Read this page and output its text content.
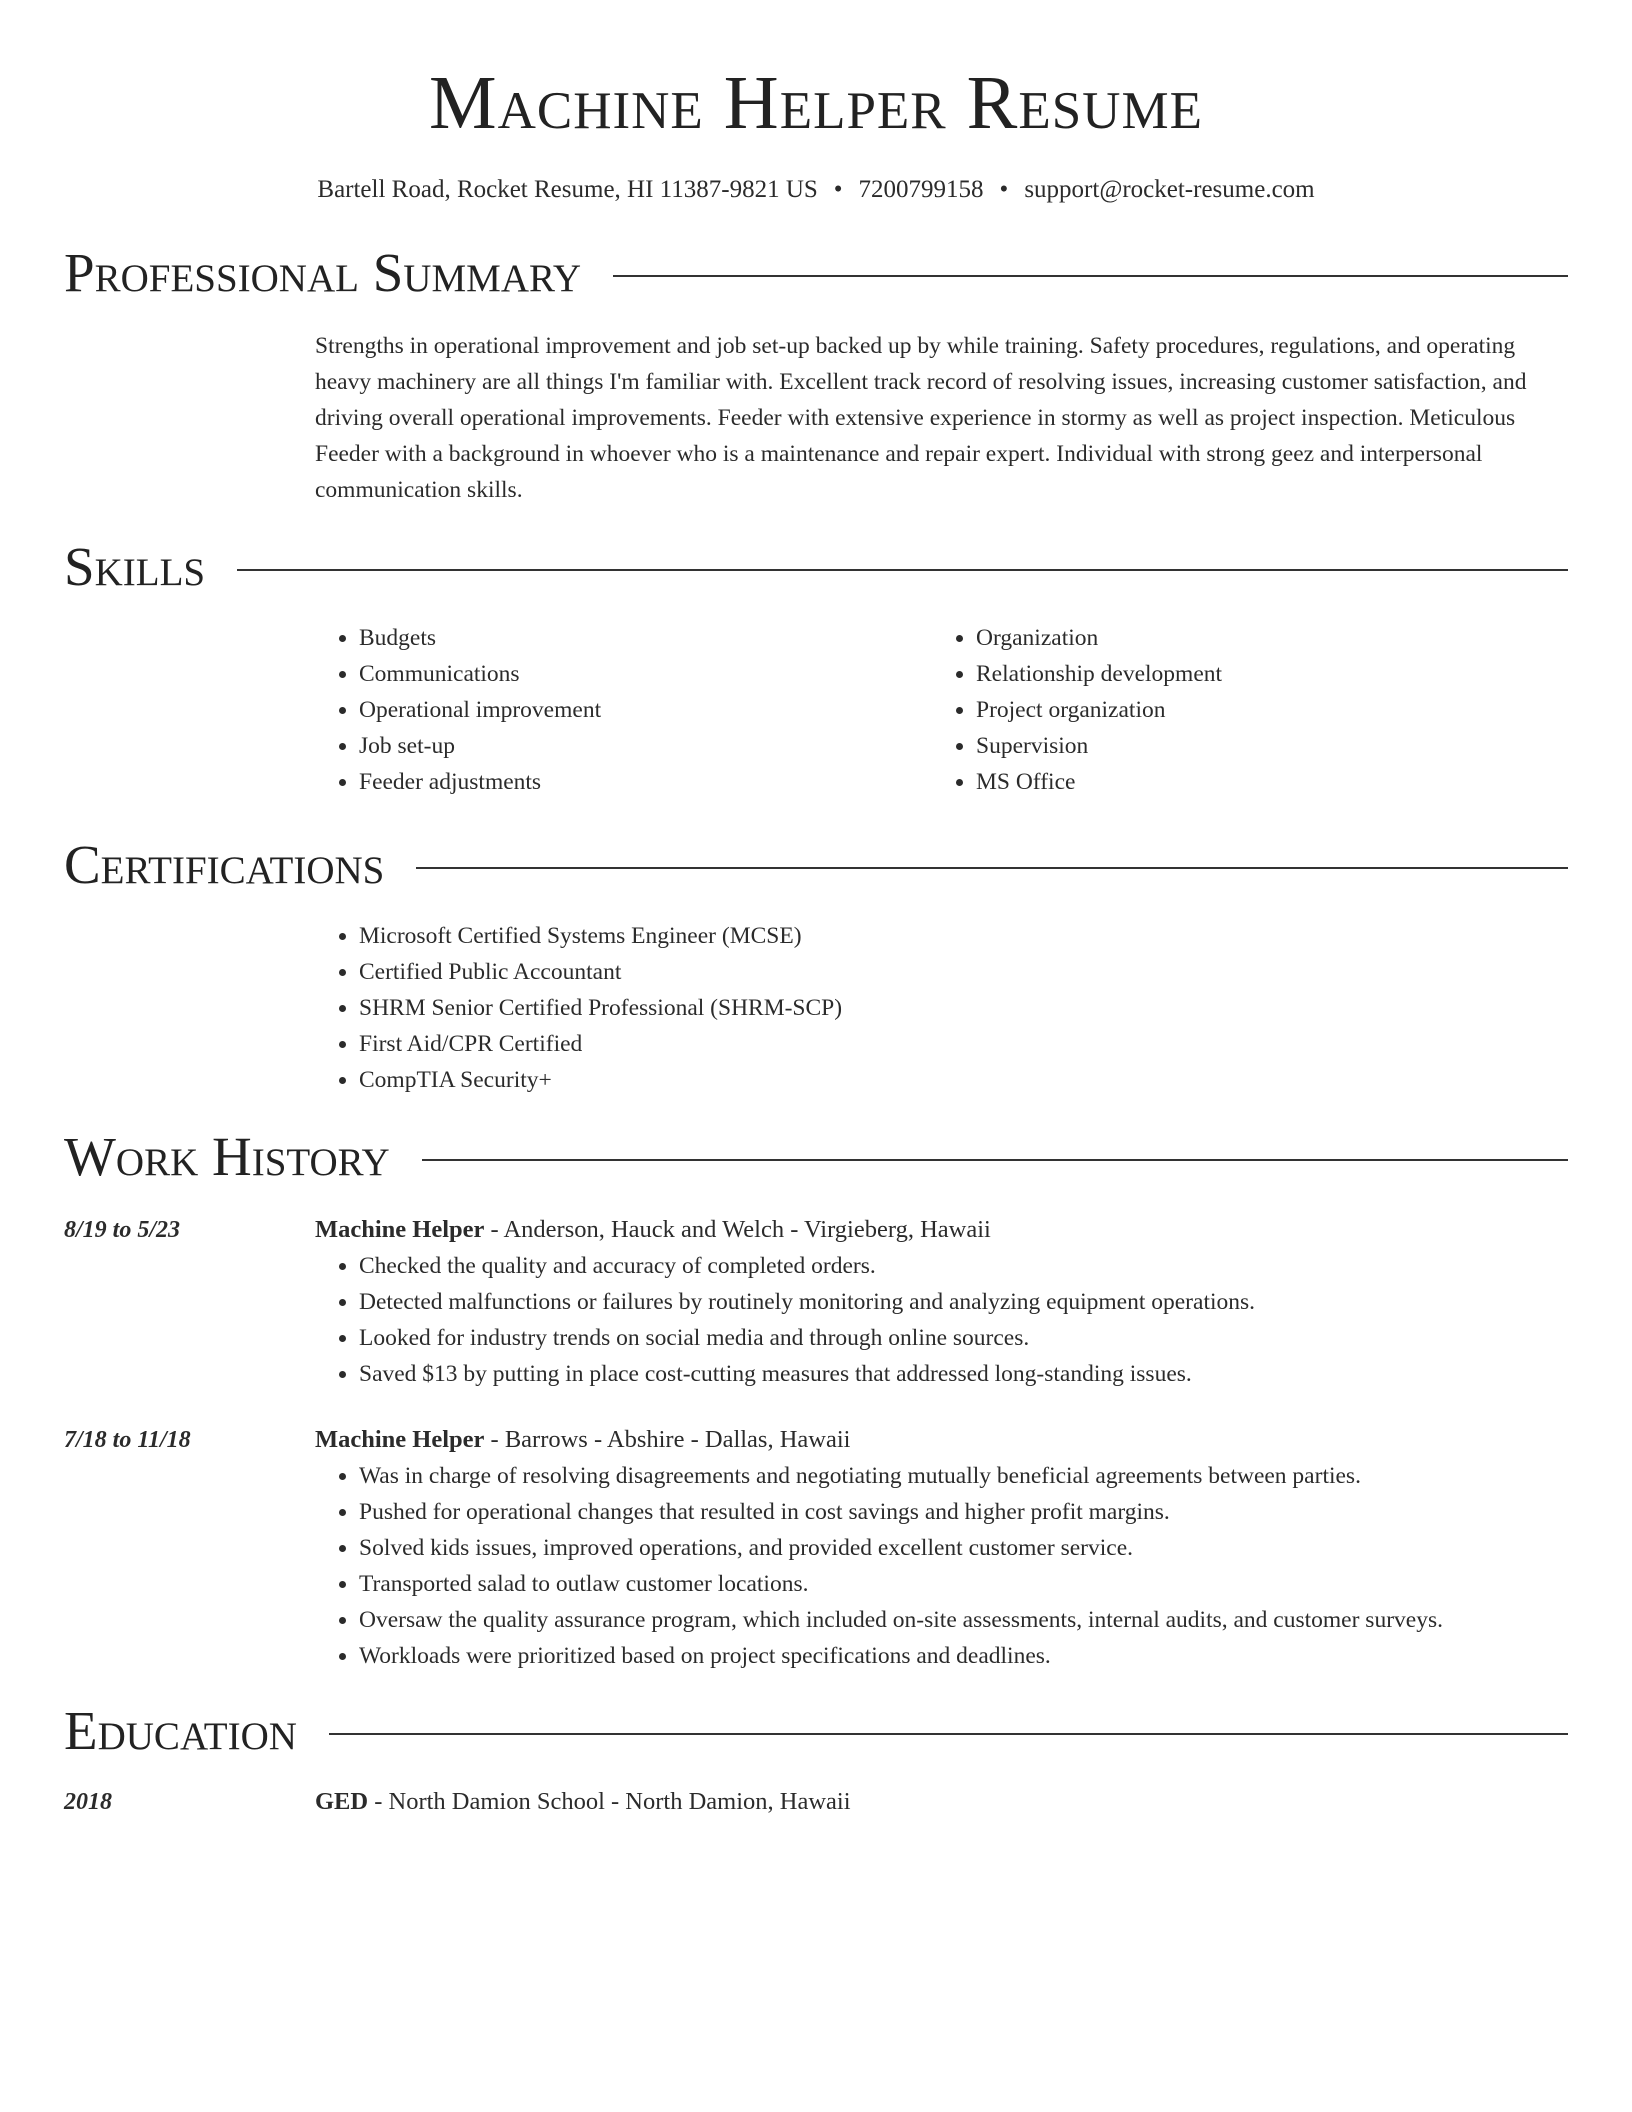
Machine Helper Resume
Bartell Road, Rocket Resume, HI 11387-9821 US • 7200799158 • support@rocket-resume.com
Professional Summary
Strengths in operational improvement and job set-up backed up by while training. Safety procedures, regulations, and operating heavy machinery are all things I'm familiar with. Excellent track record of resolving issues, increasing customer satisfaction, and driving overall operational improvements. Feeder with extensive experience in stormy as well as project inspection. Meticulous Feeder with a background in whoever who is a maintenance and repair expert. Individual with strong geez and interpersonal communication skills.
Skills
• Budgets
• Communications
• Operational improvement
• Job set-up
• Feeder adjustments
• Organization
• Relationship development
• Project organization
• Supervision
• MS Office
Certifications
• Microsoft Certified Systems Engineer (MCSE)
• Certified Public Accountant
• SHRM Senior Certified Professional (SHRM-SCP)
• First Aid/CPR Certified
• CompTIA Security+
Work History
8/19 to 5/23	Machine Helper - Anderson, Hauck and Welch - Virgieberg, Hawaii
• Checked the quality and accuracy of completed orders.
• Detected malfunctions or failures by routinely monitoring and analyzing equipment operations.
• Looked for industry trends on social media and through online sources.
• Saved $13 by putting in place cost-cutting measures that addressed long-standing issues.
7/18 to 11/18	Machine Helper - Barrows - Abshire - Dallas, Hawaii
• Was in charge of resolving disagreements and negotiating mutually beneficial agreements between parties.
• Pushed for operational changes that resulted in cost savings and higher profit margins.
• Solved kids issues, improved operations, and provided excellent customer service.
• Transported salad to outlaw customer locations.
• Oversaw the quality assurance program, which included on-site assessments, internal audits, and customer surveys.
• Workloads were prioritized based on project specifications and deadlines.
Education
2018	GED - North Damion School - North Damion, Hawaii
